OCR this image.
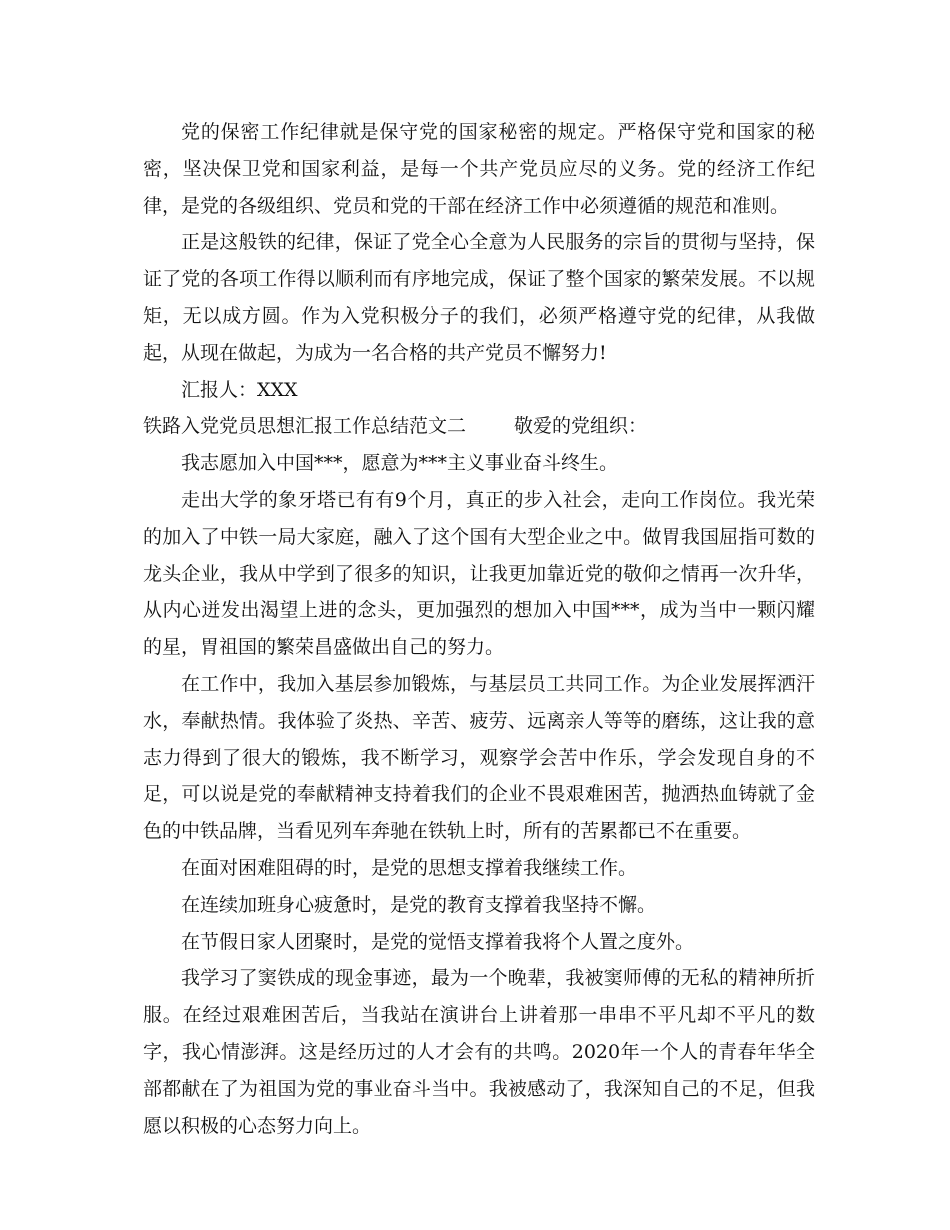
党的保密工作纪律就是保守党的国家秘密的规定。严格保守党和国家的秘密，坚决保卫党和国家利益，是每一个共产党员应尽的义务。党的经济工作纪律，是党的各级组织、党员和党的干部在经济工作中必须遵循的规范和准则。

正是这般铁的纪律，保证了党全心全意为人民服务的宗旨的贯彻与坚持，保证了党的各项工作得以顺利而有序地完成，保证了整个国家的繁荣发展。不以规矩，无以成方圆。作为入党积极分子的我们，必须严格遵守党的纪律，从我做起，从现在做起，为成为一名合格的共产党员不懈努力!

汇报人：XXX

铁路入党党员思想汇报工作总结范文二	敬爱的党组织：

我志愿加入中国***，愿意为***主义事业奋斗终生。

走出大学的象牙塔已有有9个月，真正的步入社会，走向工作岗位。我光荣的加入了中铁一局大家庭，融入了这个国有大型企业之中。做胃我国屈指可数的龙头企业，我从中学到了很多的知识，让我更加靠近党的敬仰之情再一次升华，从内心迸发出渴望上进的念头，更加强烈的想加入中国***，成为当中一颗闪耀的星，胃祖国的繁荣昌盛做出自己的努力。

在工作中，我加入基层参加锻炼，与基层员工共同工作。为企业发展挥洒汗水，奉献热情。我体验了炎热、辛苦、疲劳、远离亲人等等的磨练，这让我的意志力得到了很大的锻炼，我不断学习，观察学会苦中作乐，学会发现自身的不足，可以说是党的奉献精神支持着我们的企业不畏艰难困苦，抛洒热血铸就了金色的中铁品牌，当看见列车奔驰在铁轨上时，所有的苦累都已不在重要。

在面对困难阻碍的时，是党的思想支撑着我继续工作。

在连续加班身心疲惫时，是党的教育支撑着我坚持不懈。

在节假日家人团聚时，是党的觉悟支撑着我将个人置之度外。

我学习了窦铁成的现金事迹，最为一个晚辈，我被窦师傅的无私的精神所折服。在经过艰难困苦后，当我站在演讲台上讲着那一串串不平凡却不平凡的数字，我心情澎湃。这是经历过的人才会有的共鸣。2020年一个人的青春年华全部都献在了为祖国为党的事业奋斗当中。我被感动了，我深知自己的不足，但我愿以积极的心态努力向上。
